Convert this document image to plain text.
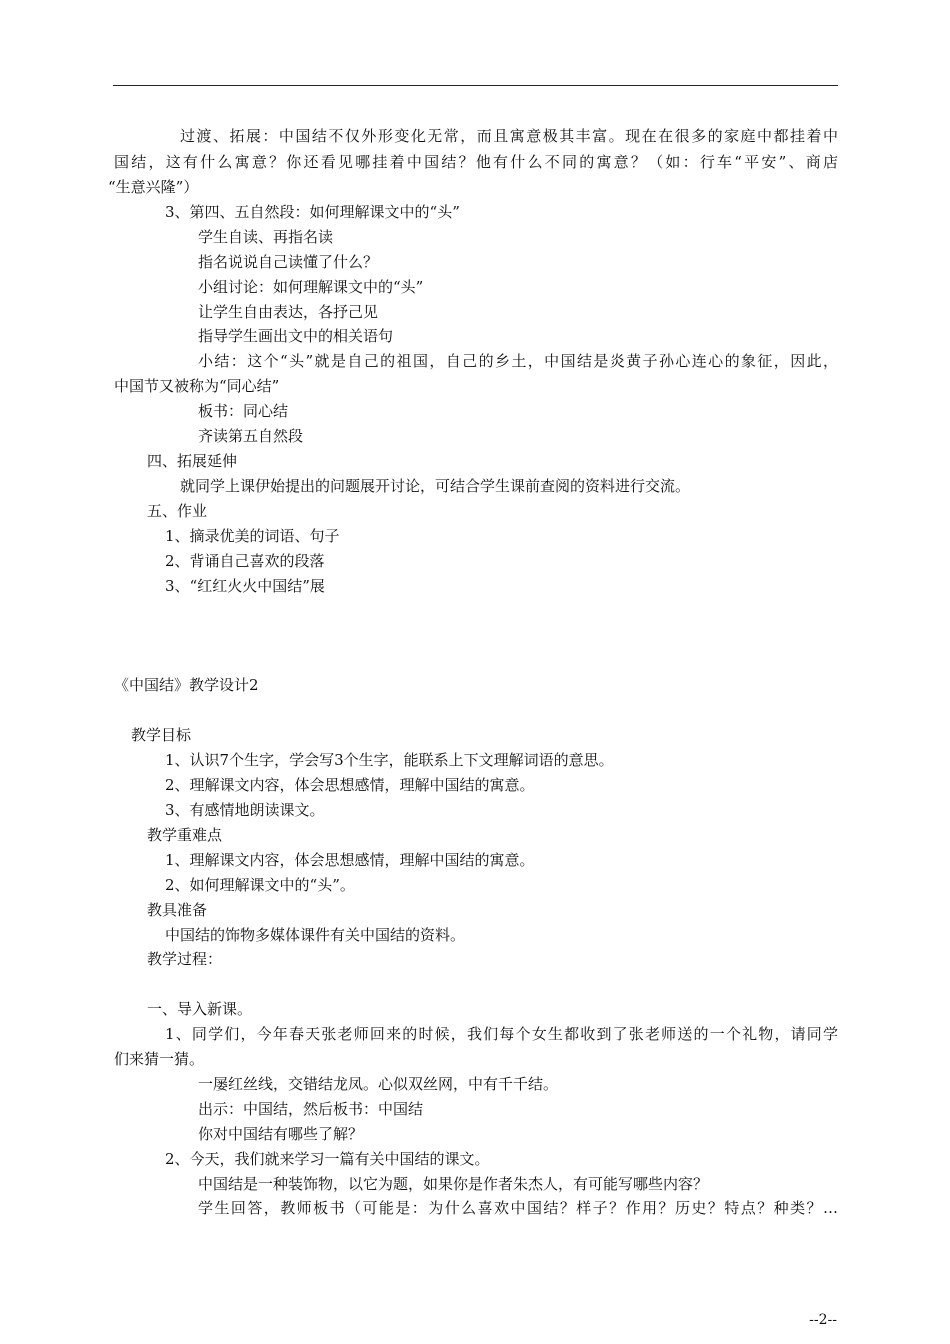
过渡、拓展：中国结不仅外形变化无常，而且寓意极其丰富。现在在很多的家庭中都挂着中
国结，这有什么寓意？你还看见哪挂着中国结？他有什么不同的寓意？（如：行车“平安”、商店
“生意兴隆”）
3、第四、五自然段：如何理解课文中的“头”
学生自读、再指名读
指名说说自己读懂了什么？
小组讨论：如何理解课文中的“头”
让学生自由表达，各抒己见
指导学生画出文中的相关语句
小结：这个“头”就是自己的祖国，自己的乡土，中国结是炎黄子孙心连心的象征，因此，
中国节又被称为“同心结”
板书：同心结
齐读第五自然段
四、拓展延伸
就同学上课伊始提出的问题展开讨论，可结合学生课前查阅的资料进行交流。
五、作业
1、摘录优美的词语、句子
2、背诵自己喜欢的段落
3、“红红火火中国结”展
《中国结》教学设计2
教学目标
1、认识7个生字，学会写3个生字，能联系上下文理解词语的意思。
2、理解课文内容，体会思想感情，理解中国结的寓意。
3、有感情地朗读课文。
教学重难点
1、理解课文内容，体会思想感情，理解中国结的寓意。
2、如何理解课文中的“头”。
教具准备
中国结的饰物多媒体课件有关中国结的资料。
教学过程：
一、导入新课。
1、同学们，今年春天张老师回来的时候，我们每个女生都收到了张老师送的一个礼物，请同学
们来猜一猜。
一屡红丝线，交错结龙凤。心似双丝网，中有千千结。
出示：中国结，然后板书：中国结
你对中国结有哪些了解？
2、今天，我们就来学习一篇有关中国结的课文。
中国结是一种装饰物，以它为题，如果你是作者朱杰人，有可能写哪些内容？
学生回答，教师板书（可能是：为什么喜欢中国结？样子？作用？历史？特点？种类？…
--2--
